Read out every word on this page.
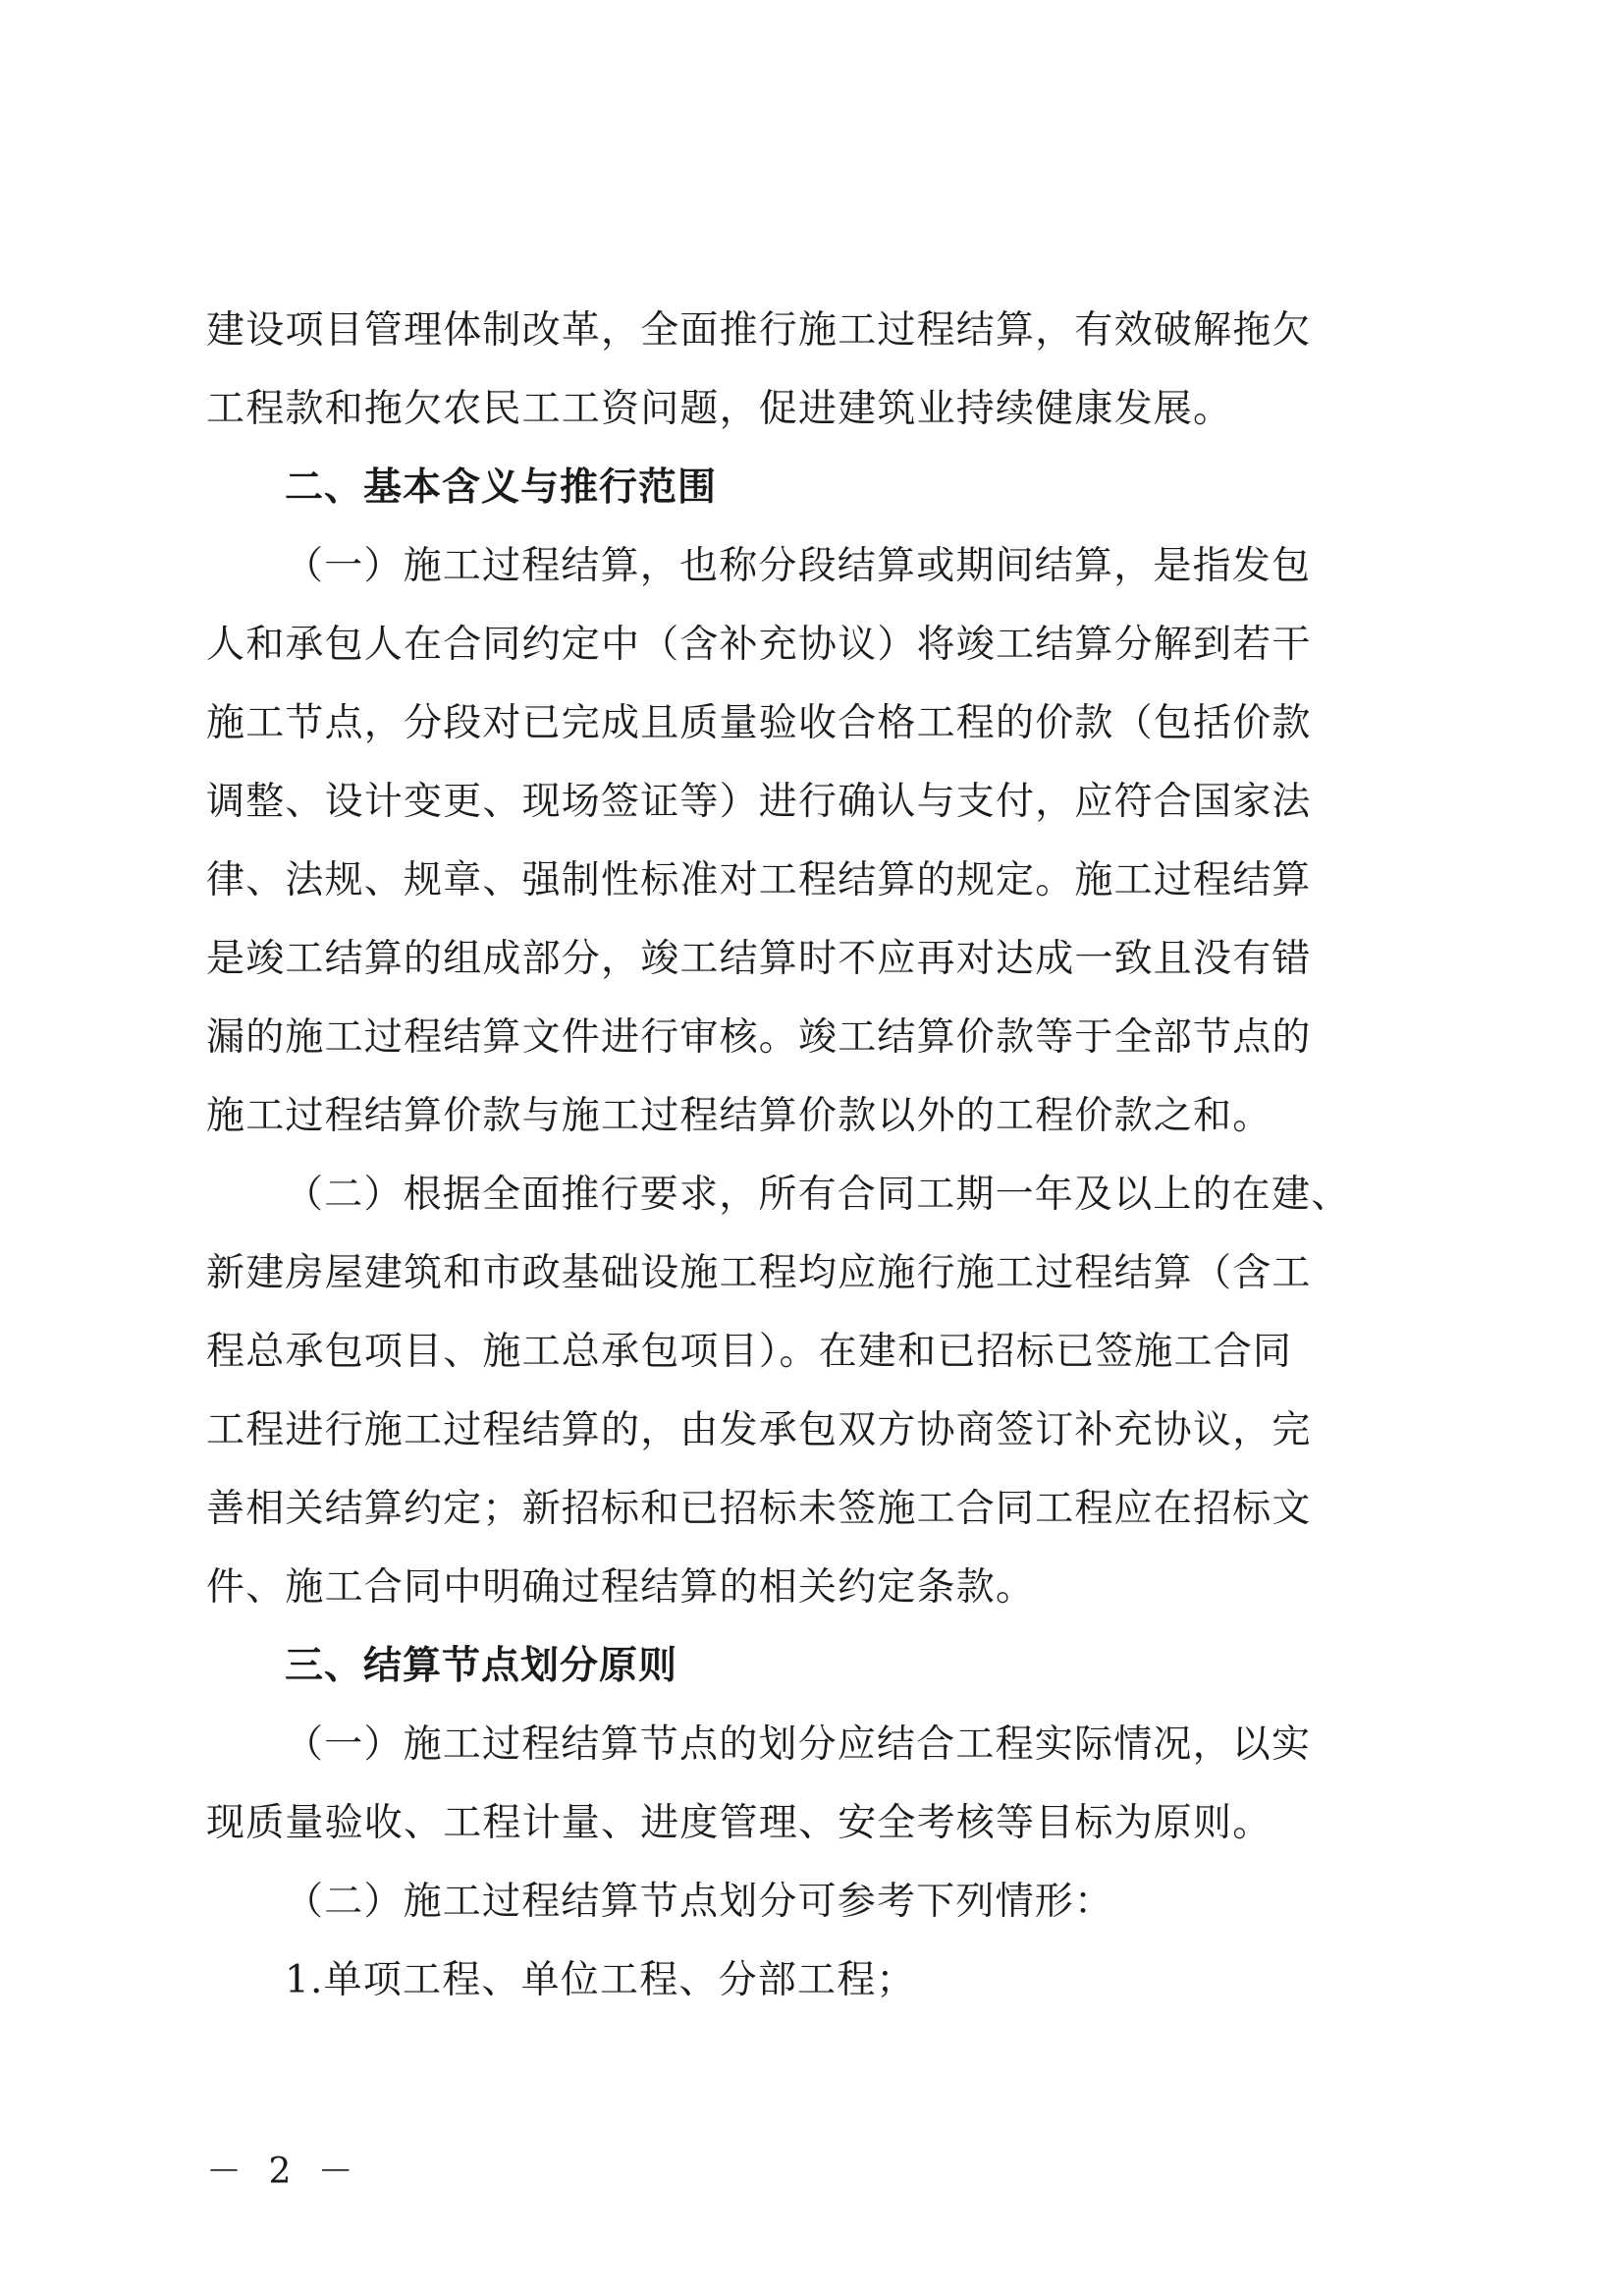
建设项目管理体制改革，全面推行施工过程结算，有效破解拖欠
工程款和拖欠农民工工资问题，促进建筑业持续健康发展。
二、基本含义与推行范围
（一）施工过程结算，也称分段结算或期间结算，是指发包
人和承包人在合同约定中（含补充协议）将竣工结算分解到若干
施工节点，分段对已完成且质量验收合格工程的价款（包括价款
调整、设计变更、现场签证等）进行确认与支付，应符合国家法
律、法规、规章、强制性标准对工程结算的规定。施工过程结算
是竣工结算的组成部分，竣工结算时不应再对达成一致且没有错
漏的施工过程结算文件进行审核。竣工结算价款等于全部节点的
施工过程结算价款与施工过程结算价款以外的工程价款之和。
（二）根据全面推行要求，所有合同工期一年及以上的在建、
新建房屋建筑和市政基础设施工程均应施行施工过程结算（含工
程总承包项目、施工总承包项目）。在建和已招标已签施工合同
工程进行施工过程结算的，由发承包双方协商签订补充协议，完
善相关结算约定；新招标和已招标未签施工合同工程应在招标文
件、施工合同中明确过程结算的相关约定条款。
三、结算节点划分原则
（一）施工过程结算节点的划分应结合工程实际情况，以实
现质量验收、工程计量、进度管理、安全考核等目标为原则。
（二）施工过程结算节点划分可参考下列情形：
1.单项工程、单位工程、分部工程；
－ 2 －
